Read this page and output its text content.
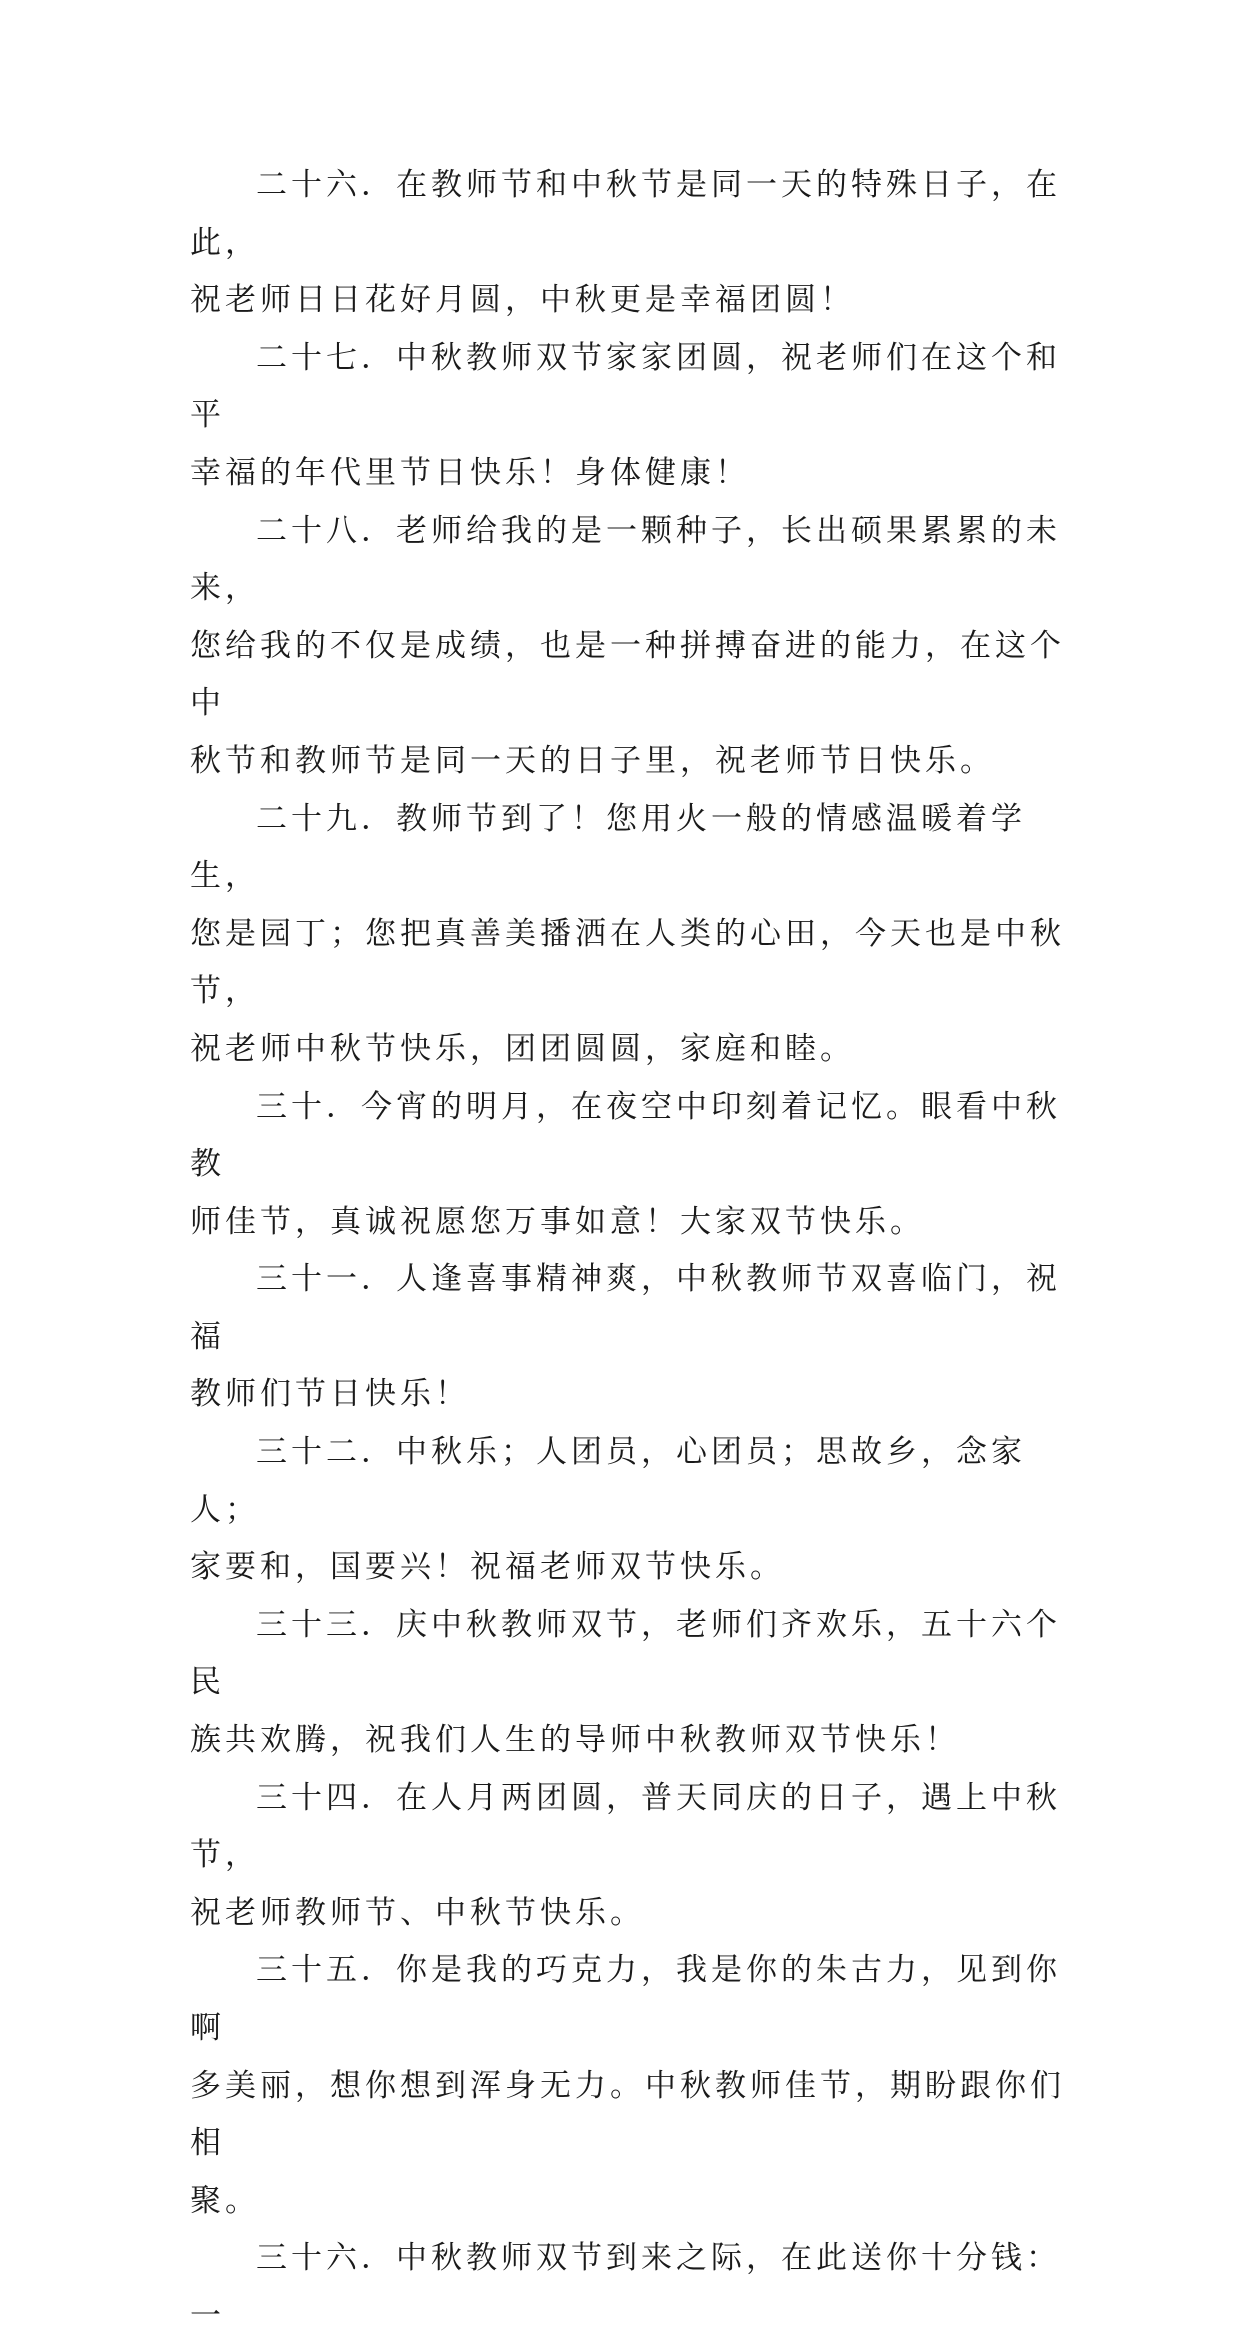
二十六．在教师节和中秋节是同一天的特殊日子，在此，
祝老师日日花好月圆，中秋更是幸福团圆！

二十七．中秋教师双节家家团圆，祝老师们在这个和平
幸福的年代里节日快乐！身体健康！

二十八．老师给我的是一颗种子，长出硕果累累的未来，
您给我的不仅是成绩，也是一种拼搏奋进的能力，在这个中
秋节和教师节是同一天的日子里，祝老师节日快乐。

二十九．教师节到了！您用火一般的情感温暖着学生，
您是园丁；您把真善美播洒在人类的心田，今天也是中秋节，
祝老师中秋节快乐，团团圆圆，家庭和睦。

三十．今宵的明月，在夜空中印刻着记忆。眼看中秋教
师佳节，真诚祝愿您万事如意！大家双节快乐。

三十一．人逢喜事精神爽，中秋教师节双喜临门，祝福
教师们节日快乐！

三十二．中秋乐；人团员，心团员；思故乡，念家人；
家要和，国要兴！祝福老师双节快乐。

三十三．庆中秋教师双节，老师们齐欢乐，五十六个民
族共欢腾，祝我们人生的导师中秋教师双节快乐！

三十四．在人月两团圆，普天同庆的日子，遇上中秋节，
祝老师教师节、中秋节快乐。

三十五．你是我的巧克力，我是你的朱古力，见到你啊
多美丽，想你想到浑身无力。中秋教师佳节，期盼跟你们相
聚。

三十六．中秋教师双节到来之际，在此送你十分钱：一
